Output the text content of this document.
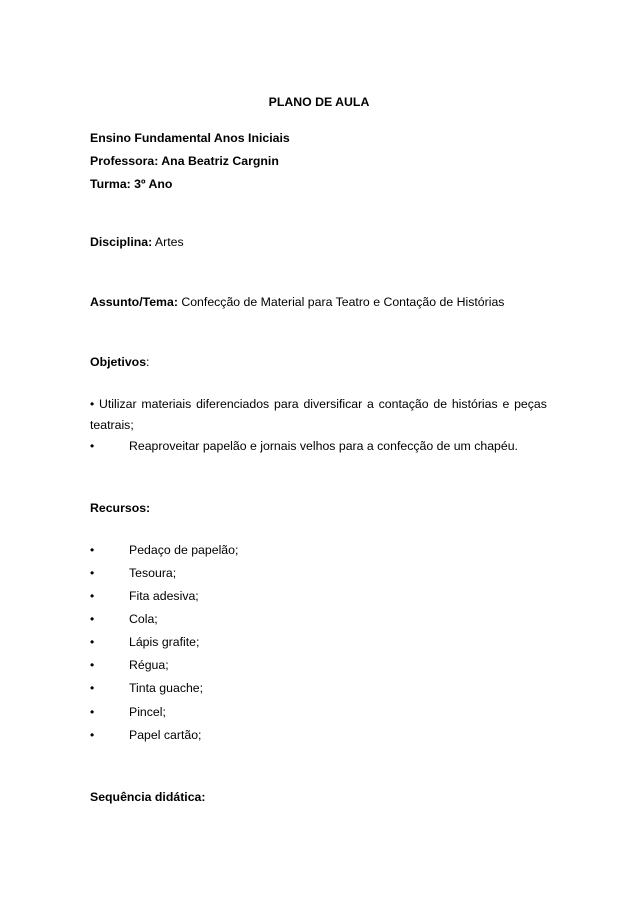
PLANO DE AULA
Ensino Fundamental Anos Iniciais
Professora: Ana Beatriz Cargnin
Turma: 3º Ano
Disciplina: Artes
Assunto/Tema: Confecção de Material para Teatro e Contação de Histórias
Objetivos:
• Utilizar materiais diferenciados para diversificar a contação de histórias e peças
teatrais;
•	Reaproveitar papelão e jornais velhos para a confecção de um chapéu.
Recursos:
•	Pedaço de papelão;
•	Tesoura;
•	Fita adesiva;
•	Cola;
•	Lápis grafite;
•	Régua;
•	Tinta guache;
•	Pincel;
•	Papel cartão;
Sequência didática:
